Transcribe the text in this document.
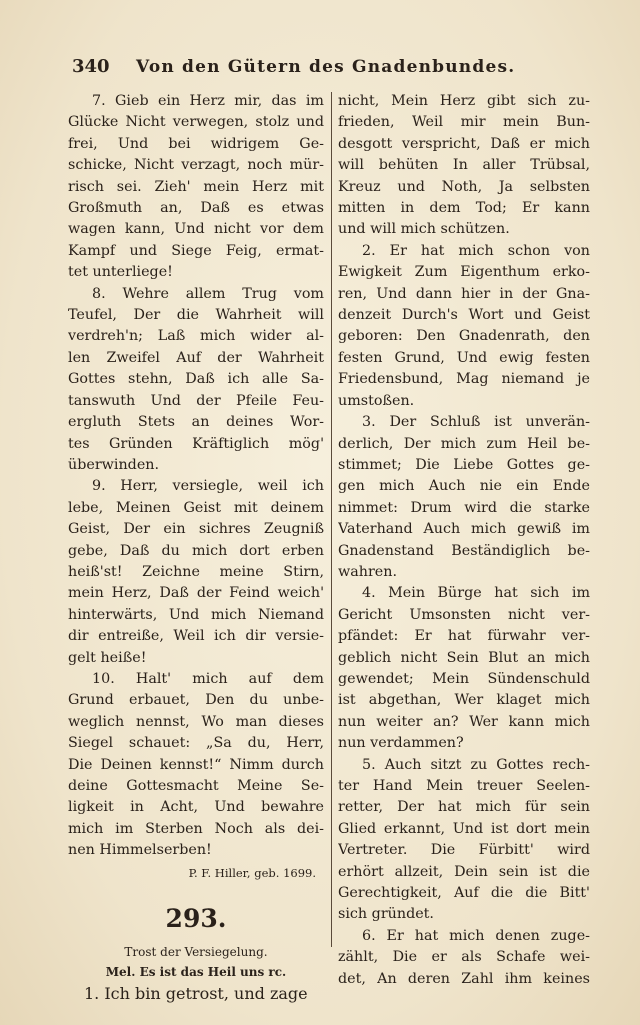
340	Von den Gütern des Gnadenbundes.
7. Gieb ein Herz mir, das im
Glücke Nicht verwegen, stolz und
frei, Und bei widrigem Ge-
schicke, Nicht verzagt, noch mür-
risch sei. Zieh' mein Herz mit
Großmuth an, Daß es etwas
wagen kann, Und nicht vor dem
Kampf und Siege Feig, ermat-
tet unterliege!
8. Wehre allem Trug vom
Teufel, Der die Wahrheit will
verdreh'n; Laß mich wider al-
len Zweifel Auf der Wahrheit
Gottes stehn, Daß ich alle Sa-
tanswuth Und der Pfeile Feu-
ergluth Stets an deines Wor-
tes Gründen Kräftiglich mög'
überwinden.
9. Herr, versiegle, weil ich
lebe, Meinen Geist mit deinem
Geist, Der ein sichres Zeugniß
gebe, Daß du mich dort erben
heiß'st! Zeichne meine Stirn,
mein Herz, Daß der Feind weich'
hinterwärts, Und mich Niemand
dir entreiße, Weil ich dir versie-
gelt heiße!
10. Halt' mich auf dem
Grund erbauet, Den du unbe-
weglich nennst, Wo man dieses
Siegel schauet: „Sa du, Herr,
Die Deinen kennst!“ Nimm durch
deine Gottesmacht Meine Se-
ligkeit in Acht, Und bewahre
mich im Sterben Noch als dei-
nen Himmelserben!
P. F. Hiller, geb. 1699.
293.
Trost der Versiegelung.
Mel. Es ist das Heil uns rc.
1. Ich bin getrost, und zage
nicht, Mein Herz gibt sich zu-
frieden, Weil mir mein Bun-
desgott verspricht, Daß er mich
will behüten In aller Trübsal,
Kreuz und Noth, Ja selbsten
mitten in dem Tod; Er kann
und will mich schützen.
2. Er hat mich schon von
Ewigkeit Zum Eigenthum erko-
ren, Und dann hier in der Gna-
denzeit Durch's Wort und Geist
geboren: Den Gnadenrath, den
festen Grund, Und ewig festen
Friedensbund, Mag niemand je
umstoßen.
3. Der Schluß ist unverän-
derlich, Der mich zum Heil be-
stimmet; Die Liebe Gottes ge-
gen mich Auch nie ein Ende
nimmet: Drum wird die starke
Vaterhand Auch mich gewiß im
Gnadenstand Beständiglich be-
wahren.
4. Mein Bürge hat sich im
Gericht Umsonsten nicht ver-
pfändet: Er hat fürwahr ver-
geblich nicht Sein Blut an mich
gewendet; Mein Sündenschuld
ist abgethan, Wer klaget mich
nun weiter an? Wer kann mich
nun verdammen?
5. Auch sitzt zu Gottes rech-
ter Hand Mein treuer Seelen-
retter, Der hat mich für sein
Glied erkannt, Und ist dort mein
Vertreter. Die Fürbitt' wird
erhört allzeit, Dein sein ist die
Gerechtigkeit, Auf die die Bitt'
sich gründet.
6. Er hat mich denen zuge-
zählt, Die er als Schafe wei-
det, An deren Zahl ihm keines
